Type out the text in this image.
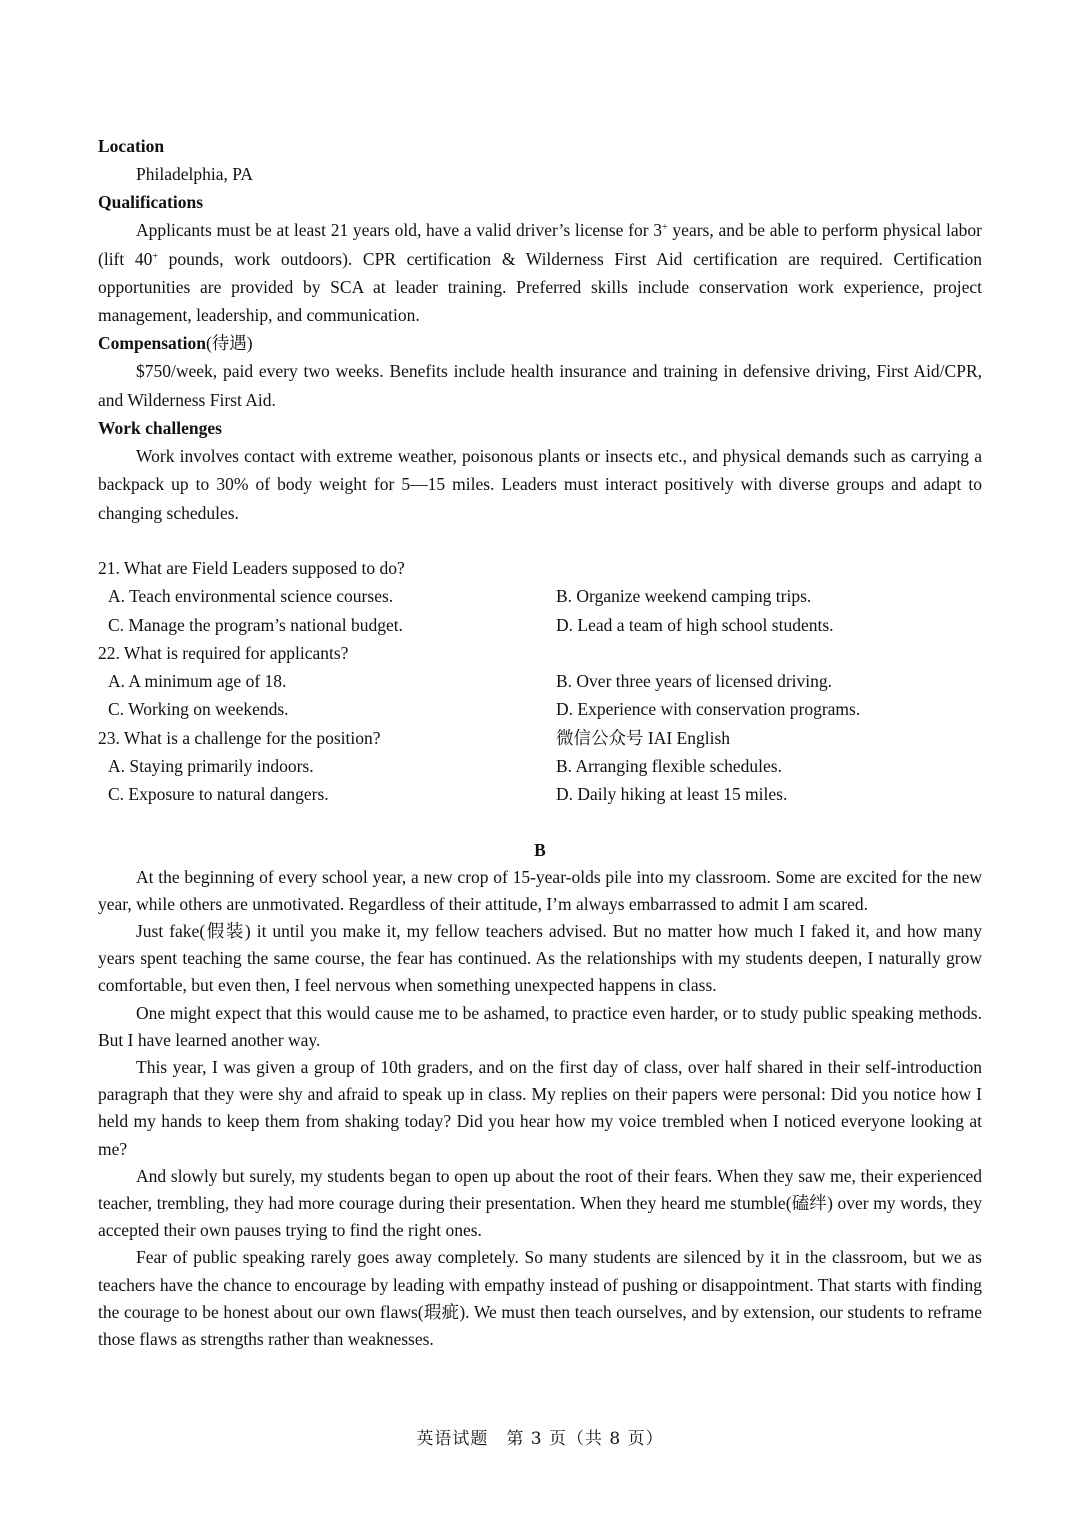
Location
Philadelphia, PA
Qualifications
Applicants must be at least 21 years old, have a valid driver’s license for 3+ years, and be able to perform physical labor (lift 40+ pounds, work outdoors). CPR certification & Wilderness First Aid certification are required. Certification opportunities are provided by SCA at leader training. Preferred skills include conservation work experience, project management, leadership, and communication.
Compensation(待遇)
$750/week, paid every two weeks. Benefits include health insurance and training in defensive driving, First Aid/CPR, and Wilderness First Aid.
Work challenges
Work involves contact with extreme weather, poisonous plants or insects etc., and physical demands such as carrying a backpack up to 30% of body weight for 5—15 miles. Leaders must interact positively with diverse groups and adapt to changing schedules.
21. What are Field Leaders supposed to do?
A. Teach environmental science courses.	B. Organize weekend camping trips.
C. Manage the program’s national budget.	D. Lead a team of high school students.
22. What is required for applicants?
A. A minimum age of 18.	B. Over three years of licensed driving.
C. Working on weekends.	D. Experience with conservation programs.
23. What is a challenge for the position?	微信公众号 IAI English
A. Staying primarily indoors.	B. Arranging flexible schedules.
C. Exposure to natural dangers.	D. Daily hiking at least 15 miles.
B
At the beginning of every school year, a new crop of 15-year-olds pile into my classroom. Some are excited for the new year, while others are unmotivated. Regardless of their attitude, I’m always embarrassed to admit I am scared.
Just fake(假装) it until you make it, my fellow teachers advised. But no matter how much I faked it, and how many years spent teaching the same course, the fear has continued. As the relationships with my students deepen, I naturally grow comfortable, but even then, I feel nervous when something unexpected happens in class.
One might expect that this would cause me to be ashamed, to practice even harder, or to study public speaking methods. But I have learned another way.
This year, I was given a group of 10th graders, and on the first day of class, over half shared in their self-introduction paragraph that they were shy and afraid to speak up in class. My replies on their papers were personal: Did you notice how I held my hands to keep them from shaking today? Did you hear how my voice trembled when I noticed everyone looking at me?
And slowly but surely, my students began to open up about the root of their fears. When they saw me, their experienced teacher, trembling, they had more courage during their presentation. When they heard me stumble(磕绊) over my words, they accepted their own pauses trying to find the right ones.
Fear of public speaking rarely goes away completely. So many students are silenced by it in the classroom, but we as teachers have the chance to encourage by leading with empathy instead of pushing or disappointment. That starts with finding the courage to be honest about our own flaws(瑕疵). We must then teach ourselves, and by extension, our students to reframe those flaws as strengths rather than weaknesses.
英语试题　第 3 页（共 8 页）
